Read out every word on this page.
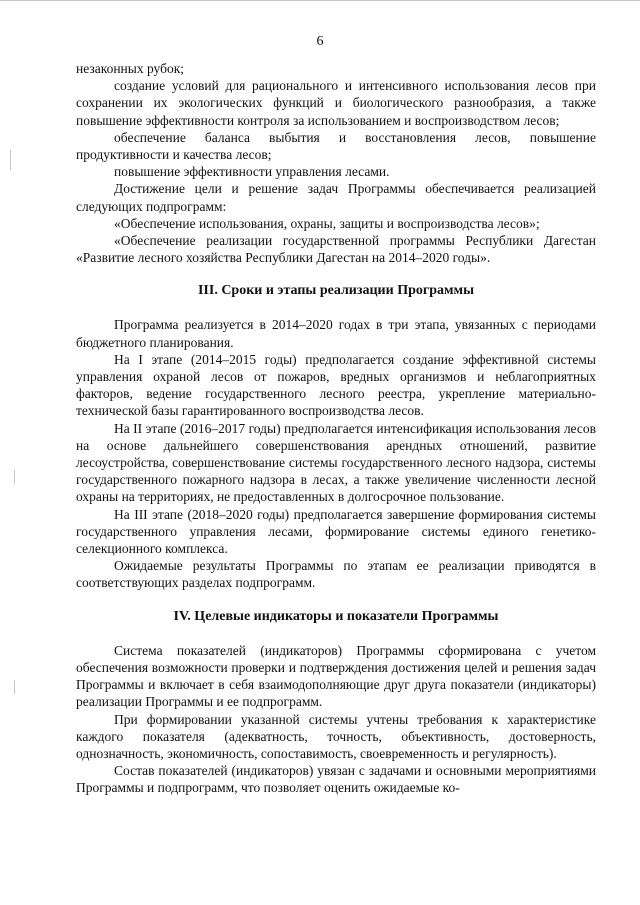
6

незаконных рубок;

создание условий для рационального и интенсивного использования лесов при сохранении их экологических функций и биологического разнообразия, а также повышение эффективности контроля за использованием и воспроизводством лесов;

обеспечение баланса выбытия и восстановления лесов, повышение продуктивности и качества лесов;

повышение эффективности управления лесами.

Достижение цели и решение задач Программы обеспечивается реализацией следующих подпрограмм:

«Обеспечение использования, охраны, защиты и воспроизводства лесов»;

«Обеспечение реализации государственной программы Республики Дагестан «Развитие лесного хозяйства Республики Дагестан на 2014–2020 годы».

III. Сроки и этапы реализации Программы

Программа реализуется в 2014–2020 годах в три этапа, увязанных с периодами бюджетного планирования.

На I этапе (2014–2015 годы) предполагается создание эффективной системы управления охраной лесов от пожаров, вредных организмов и неблагоприятных факторов, ведение государственного лесного реестра, укрепление материально-технической базы гарантированного воспроизводства лесов.

На II этапе (2016–2017 годы) предполагается интенсификация использования лесов на основе дальнейшего совершенствования арендных отношений, развитие лесоустройства, совершенствование системы государственного лесного надзора, системы государственного пожарного надзора в лесах, а также увеличение численности лесной охраны на территориях, не предоставленных в долгосрочное пользование.

На III этапе (2018–2020 годы) предполагается завершение формирования системы государственного управления лесами, формирование системы единого генетико-селекционного комплекса.

Ожидаемые результаты Программы по этапам ее реализации приводятся в соответствующих разделах подпрограмм.

IV. Целевые индикаторы и показатели Программы

Система показателей (индикаторов) Программы сформирована с учетом обеспечения возможности проверки и подтверждения достижения целей и решения задач Программы и включает в себя взаимодополняющие друг друга показатели (индикаторы) реализации Программы и ее подпрограмм.

При формировании указанной системы учтены требования к характеристике каждого показателя (адекватность, точность, объективность, достоверность, однозначность, экономичность, сопоставимость, своевременность и регулярность).

Состав показателей (индикаторов) увязан с задачами и основными мероприятиями Программы и подпрограмм, что позволяет оценить ожидаемые ко-
